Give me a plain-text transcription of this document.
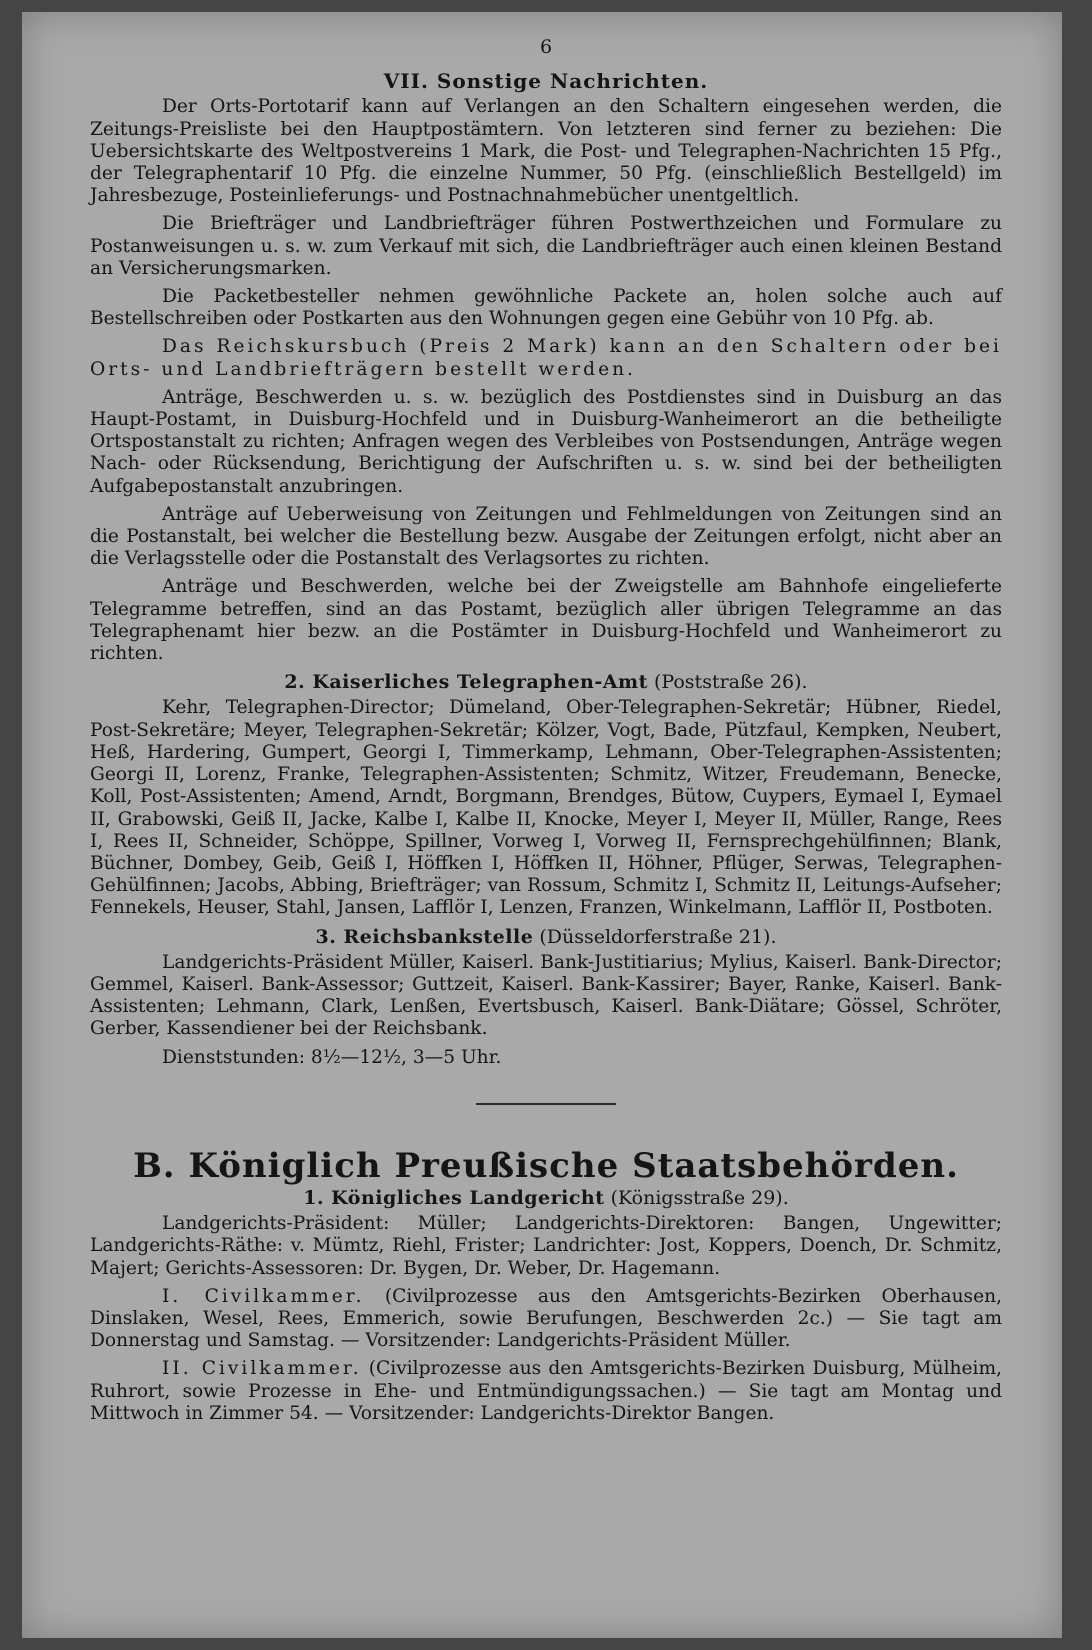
6
VII. Sonstige Nachrichten.

Der Orts-Portotarif kann auf Verlangen an den Schaltern eingesehen werden, die Zeitungs-Preisliste bei den Hauptpostämtern. Von letzteren sind ferner zu beziehen: Die Uebersichtskarte des Weltpostvereins 1 Mark, die Post- und Telegraphen-Nachrichten 15 Pfg., der Telegraphentarif 10 Pfg. die einzelne Nummer, 50 Pfg. (einschließlich Bestellgeld) im Jahresbezuge, Posteinlieferungs- und Postnachnahmebücher unentgeltlich.

Die Briefträger und Landbriefträger führen Postwerthzeichen und Formulare zu Postanweisungen u. s. w. zum Verkauf mit sich, die Landbriefträger auch einen kleinen Bestand an Versicherungsmarken.

Die Packetbesteller nehmen gewöhnliche Packete an, holen solche auch auf Bestellschreiben oder Postkarten aus den Wohnungen gegen eine Gebühr von 10 Pfg. ab.

Das Reichskursbuch (Preis 2 Mark) kann an den Schaltern oder bei Orts- und Landbriefträgern bestellt werden.

Anträge, Beschwerden u. s. w. bezüglich des Postdienstes sind in Duisburg an das Haupt-Postamt, in Duisburg-Hochfeld und in Duisburg-Wanheimerort an die betheiligte Ortspostanstalt zu richten; Anfragen wegen des Verbleibes von Postsendungen, Anträge wegen Nach- oder Rücksendung, Berichtigung der Aufschriften u. s. w. sind bei der betheiligten Aufgabepostanstalt anzubringen.

Anträge auf Ueberweisung von Zeitungen und Fehlmeldungen von Zeitungen sind an die Postanstalt, bei welcher die Bestellung bezw. Ausgabe der Zeitungen erfolgt, nicht aber an die Verlagsstelle oder die Postanstalt des Verlagsortes zu richten.

Anträge und Beschwerden, welche bei der Zweigstelle am Bahnhofe eingelieferte Telegramme betreffen, sind an das Postamt, bezüglich aller übrigen Telegramme an das Telegraphenamt hier bezw. an die Postämter in Duisburg-Hochfeld und Wanheimerort zu richten.

2. Kaiserliches Telegraphen-Amt (Poststraße 26).

Kehr, Telegraphen-Director; Dümeland, Ober-Telegraphen-Sekretär; Hübner, Riedel, Post-Sekretäre; Meyer, Telegraphen-Sekretär; Kölzer, Vogt, Bade, Pützfaul, Kempken, Neubert, Heß, Hardering, Gumpert, Georgi I, Timmerkamp, Lehmann, Ober-Telegraphen-Assistenten; Georgi II, Lorenz, Franke, Telegraphen-Assistenten; Schmitz, Witzer, Freudemann, Benecke, Koll, Post-Assistenten; Amend, Arndt, Borgmann, Brendges, Bütow, Cuypers, Eymael I, Eymael II, Grabowski, Geiß II, Jacke, Kalbe I, Kalbe II, Knocke, Meyer I, Meyer II, Müller, Range, Rees I, Rees II, Schneider, Schöppe, Spillner, Vorweg I, Vorweg II, Fernsprechgehülfinnen; Blank, Büchner, Dombey, Geib, Geiß I, Höffken I, Höffken II, Höhner, Pflüger, Serwas, Telegraphen-Gehülfinnen; Jacobs, Abbing, Briefträger; van Rossum, Schmitz I, Schmitz II, Leitungs-Aufseher; Fennekels, Heuser, Stahl, Jansen, Lafflör I, Lenzen, Franzen, Winkelmann, Lafflör II, Postboten.

3. Reichsbankstelle (Düsseldorferstraße 21).

Landgerichts-Präsident Müller, Kaiserl. Bank-Justitiarius; Mylius, Kaiserl. Bank-Director; Gemmel, Kaiserl. Bank-Assessor; Guttzeit, Kaiserl. Bank-Kassirer; Bayer, Ranke, Kaiserl. Bank-Assistenten; Lehmann, Clark, Lenßen, Evertsbusch, Kaiserl. Bank-Diätare; Gössel, Schröter, Gerber, Kassendiener bei der Reichsbank.

Dienststunden: 8½—12½, 3—5 Uhr.

B. Königlich Preußische Staatsbehörden.
1. Königliches Landgericht (Königsstraße 29).

Landgerichts-Präsident: Müller; Landgerichts-Direktoren: Bangen, Ungewitter; Landgerichts-Räthe: v. Mümtz, Riehl, Frister; Landrichter: Jost, Koppers, Doench, Dr. Schmitz, Majert; Gerichts-Assessoren: Dr. Bygen, Dr. Weber, Dr. Hagemann.

I. Civilkammer. (Civilprozesse aus den Amtsgerichts-Bezirken Oberhausen, Dinslaken, Wesel, Rees, Emmerich, sowie Berufungen, Beschwerden 2c.) — Sie tagt am Donnerstag und Samstag. — Vorsitzender: Landgerichts-Präsident Müller.

II. Civilkammer. (Civilprozesse aus den Amtsgerichts-Bezirken Duisburg, Mülheim, Ruhrort, sowie Prozesse in Ehe- und Entmündigungssachen.) — Sie tagt am Montag und Mittwoch in Zimmer 54. — Vorsitzender: Landgerichts-Direktor Bangen.
